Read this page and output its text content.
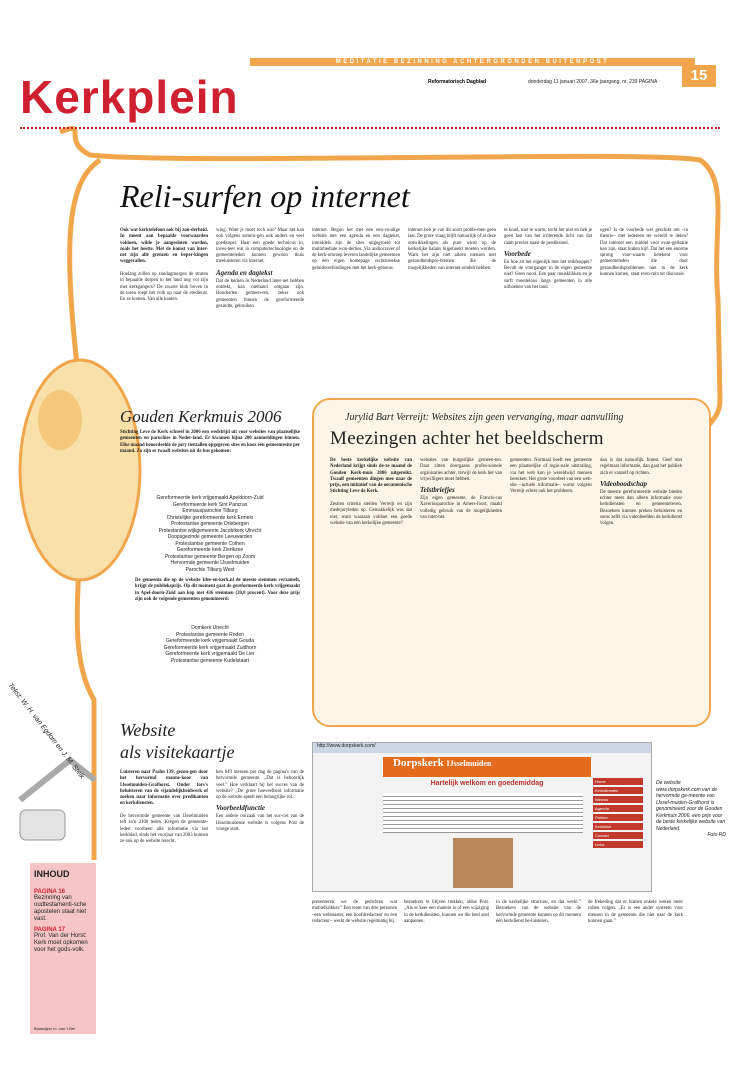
MEDITATIE BEZINNING ACHTERGRONDEN BUITENPOST
Kerkplein	Reformatorisch Dagblad	donderdag 11 januari 2007, 36e jaargang, nr. 239 PAGINA	15
Reli-surfen op internet
Ook wat kerktelefoon ook bij zon-derheid. In meent aan bepaalde voorwaarden voldoen, wilde je aangesloten worden, zoals het heette. Met de komst van inter-net zijn alle grenzen en beper-kingen weggevallen.

Hoelang zullen op zondagmorgen de straten in bepaalde dorpen in het land nog vol zijn met kerkgangers? De zwarte blok boven in de toren roept het volk op naar de eredienst. En ze komen. Van alle kanten.
wing. Want je moet toch wat? Maar het kan ook volgens sommi-gen ook anders en veel goedkoper. Haar een goede technicus in, inves-teer wat in computertechnologie en de gemeenteleden kunnen gewoon thuis meeluisteren via internet.
Agenda en dagtekst
Dat de kerken in Nederland inter-net hebben ontdekt, kan niemand ontgaan zijn. Honderden gemeen-ten, zeker ook gemeenten binnen de gereformeerde gezindte, gebruiken
internet. Begon het met een een-voudige website met een agenda en een dagtekst, inmiddels zijn de sites uitgegroeid tot multimediale won-derties. Via audiocraver of de kerk-omroep leveren landelijke gemeenten op een eigen homepage rechtstreekse geluidsverbindingen met het kerk-gebouw.
internet heb je van dit soort proble-men geen last. De grote vraag blijft natuurlijk of al deze ontwikkelingen als pure winst op de kerkelijke balans bijgeboekt moeten worden. Want het zijn niet alleen mensen met gezondheidspro-blemen die de mogelijkheden van internet omdelt hebben.
te koud, niet te warm, tocht het niet en heb je geen last van het irriterende licht van dat raam precies naast de predikstoel.
Voorbede
En hoe zit het eigenlijk met het reikfeopper? Bevalt de voorganger in de eigen gemeente niet? Geen nood. Een paar muisklikken en je surft moeiteloos langs gemeenten in alle uithoeken van het land.
ogen? Is de voorbede wel geschikt om –in theorie– met iedereen ter wereld te delen? Dat internet een middel voor evan-gelisatie kan zijn, staat buiten kijf. Dat het een enorme sprong voor-waarts betekent voor gemeenteleden die door gezondheidsproblemen niet in de kerk kunnen komen, staat even-min ter discussie.
Gouden Kerkmuis 2006
Stichting Leve de Kerk schreef in 2006 een wedstrijd uit voor websites van plaatselijke gemeenten en parochies in Neder-land. Er kwamen bijna 200 aanmeldingen binnen. Elke maand beoordeelde de jury tientallen opgegeven sites en koos één gemeentesite per maand. Zo zijn er twaalf websites uit de bus gekomen:
Gereformeerde kerk vrijgemaakt Apeldoorn-Zuid
Gereformeerde kerk Sint Pancras
Emmausparochie Tilburg
Christelijke gereformeerde kerk Ermelo
Protestantse gemeente Driebergen
Protestantse wijkgemeente Jacobikerk Utrecht
Doopsgezinde gemeente Leeuwarden
Protestantse gemeente Cothen
Gereformeerde kerk Zierikzee
Protestantse gemeente Bergen op Zoom
Hervormde gemeente IJsselmuiden
Parochie Tilburg West
De gemeente die op de website Idee-en-kerk.nl de meeste stemmen verzamelt, krijgt de publieksprijs. Op dit moment gaat de gereformeerde kerk vrijgemaakt in Apel-doorn-Zuid aan kop met 436 stemmen (20,8 procent). Voor deze prijs zijn ook de volgende gemeenten genomineerd:
Domkerk Utrecht
Protestantse gemeente Roden
Gereformeerde kerk vrijgemaakt Gouda
Gereformeerde kerk vrijgemaakt Zuidhorn
Gereformeerde kerk vrijgemaakt De Lier
Protestantse gemeente Kudelstaart
Tekst: W. H. van Egdom en J. M. Stelk
Jurylid Bart Verreijt: Websites zijn geen vervanging, maar aanvulling
Meezingen achter het beeldscherm
De beste kerkelijke website van Nederland krijgt sinds de-ze maand de Gouden Kerk-muis 2006 uitgereikt. Twaalf gemeenten dingen mee naar de prijs, een initiatief van de oecumenische Stichting Leve de Kerk.

Zestien criteria stelden Verreijt en zijn medejuryleden op. Gemakkelijk was dat niet, want waaraan voldoet een goede website van een kerkelijke gemeente?
websites van burgerlijke gemeen-ten. Daar zitten doorgaans profes-sionele organisaties achter, terwijl de kerk het van vrijwilligers moet hebben.
Telstbriefjes
Zijn eigen gemeente, de Francis-cus Xaveriusparochie in Amers-foort, maakt volledig gebruik van de mogelijkheden van inter-net.
gemeenten. Normaal heeft een gemeente een plaatselijke of regio-nale uitstraling, via het web kun je wereldwijd mensen bereiken. Het grote voordeel van een web-site –actuele informatie– vormt volgens Verreijt echter ook het probleem.
dan is dat natuurlijk funest. Geef met regelmaat informatie, dan gaat het publiek zich er vanzelf op richten.
Videoboodschap
De meeste gereformeerde website bieden echter meer dan alleen informatie over kerkdiensten en gemeenteleven. Bezoekers kunnen preken beluisteren en soms zelfs via videobeelden de kerkdienst volgen.
Website
als visitekaartje
Luisteren naar Psalm 139, gezon-gen door het hervormd manne-koor van IJsselmuiden-Grafhorst. Onder fors's beluisteren van de vijandelijkheidwerk of zoeken naar informatie over predikanten en kerkdiensten.

De hervormde gemeente van IJsselmuiden telt zo'n 2100 leden. Kregen de gemeente-leden voorheen alle informatie via het kerkblad, sinds het voorjaar van 2003 kunnen ze ook op de website terecht.
ken 649 mensen per dag de pagina's van de hervormde gemeente. „Dat is behoorlijk veel.” Hoe verklaart hij het succes van de website? „De grote hoeveelheid informatie op de website speelt een belangrijke rol.
Voorbeeldfunctie
Een andere oorzaak van het suc-ces van de IJsselmuidense website is volgens Post de vroege start.
presenteren we de gedichten wat mobielkrikker.” Een team van drie personen –een webmaster, een hoofdredacteur en een redacteur– werkt de website regelmatig bij.
bezoekers te blijven trekken, aldus Post. „Als er keer een materie is of een wijziging in de kerkdiensten, kunnen we die heel snel aanpassen.
in de kerkelijke structuur, en dat werkt.” Bezoekers van de website van de hervormde gemeente kunnen op dit moment één kerkdienst be-luisteren.
de frekeding dat er binnen enkele weken meer rollen volgen. „Er is een ander systeem voor mensen in de gemeente die niet naar de kerk kunnen gaan.”
http://www.dorpskerk.com/
Dorpskerk IJsselmuiden
Hartelijk welkom en goedemiddag	Home
Kerkdiensten
Nieuws
Agenda
Preken
Kerkblad
Contact
Links
De website www.dorpskerk.com van de hervormde ge-meente van IJssel-muiden-Grafhorst is genomineerd voor de Gouden Kerkmuis 2006, een prijs voor de beste kerkelijke website van Nederland.

Foto RD
INHOUD
PAGINA 16
Bezinning van oudtestamenti-sche apostelen staat niet vast.
PAGINA 17
Prof. Van der Horst: Kerk moet opkomen voor het gods-volk.
Bladwijzer in. van 't Bel
